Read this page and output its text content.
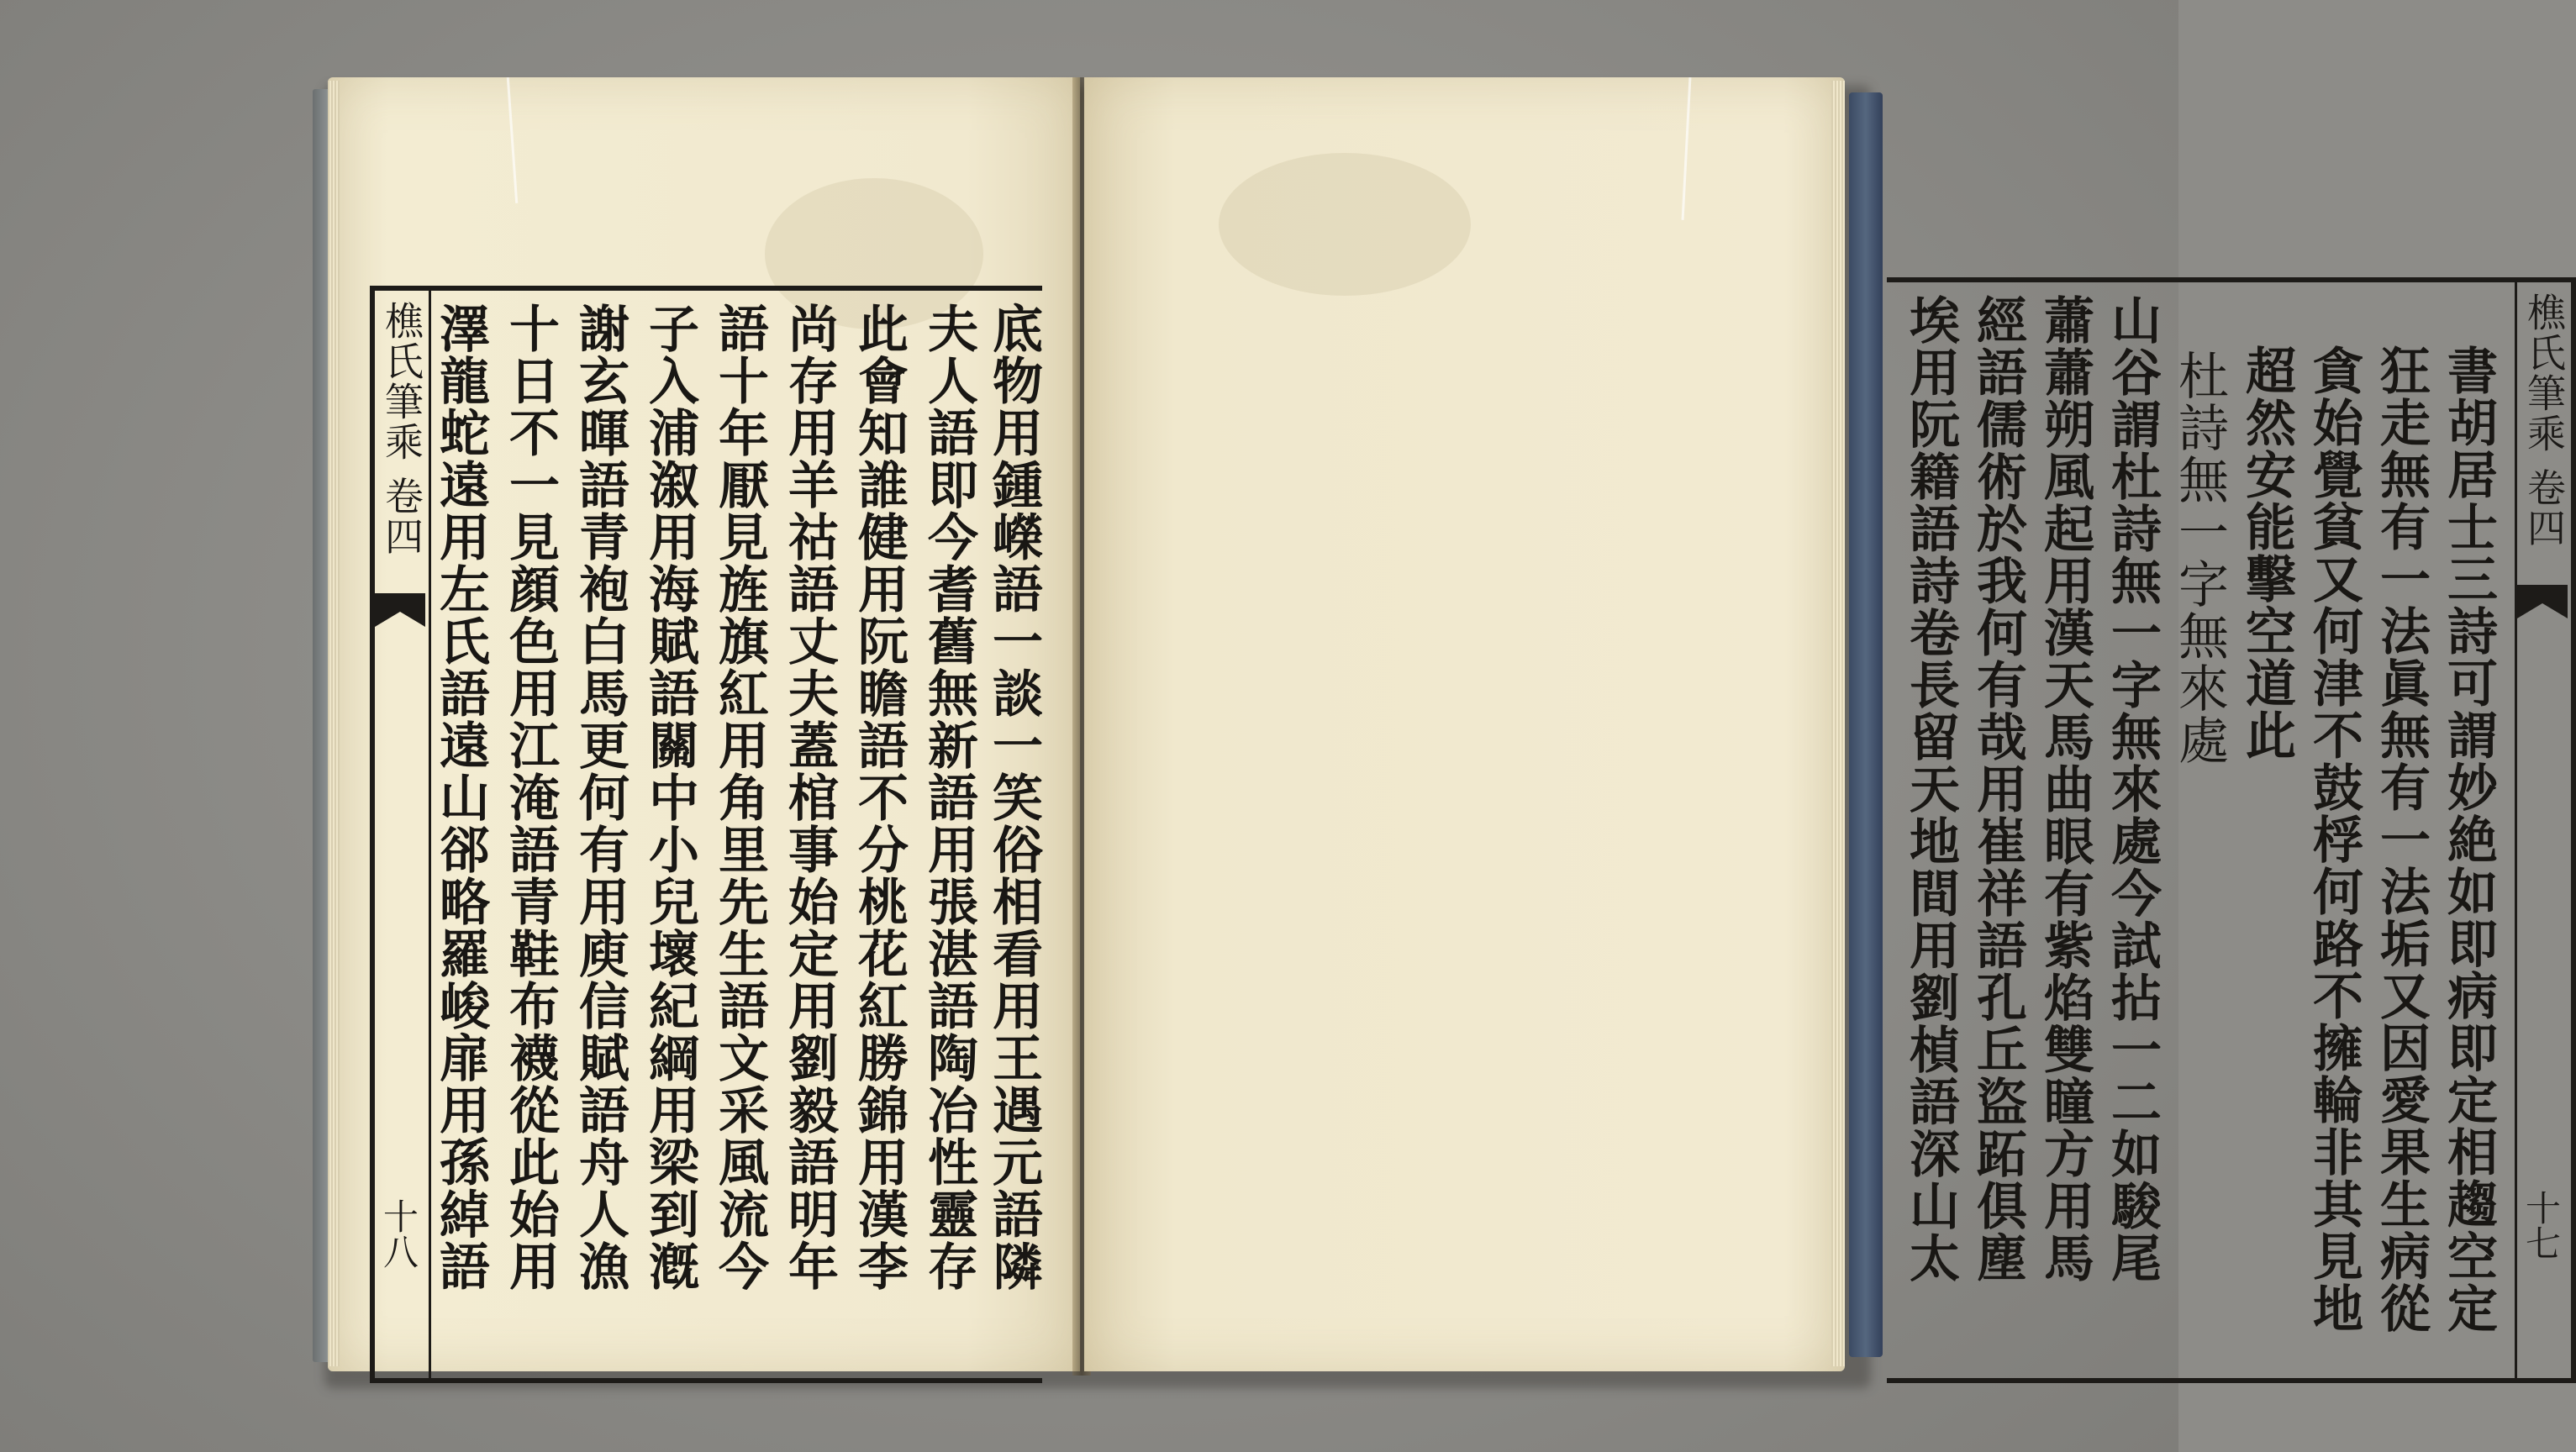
樵氏筆乘 卷四
十八 澤龍蛇遠用左氏語遠山郤略羅峻扉用孫綽語 十日不一見顔色用江淹語青鞋布襪從此始用 謝玄暉語青袍白馬更何有用庾信賦語舟人漁 子入浦溆用海賦語關中小兒壞紀綱用梁到漑 語十年厭見旌旗紅用角里先生語文采風流今 尚存用羊祜語丈夫蓋棺事始定用劉毅語明年 此會知誰健用阮瞻語不分桃花紅勝錦用漢李 夫人語即今耆舊無新語用張湛語陶冶性靈存 底物用鍾嶸語一談一笑俗相看用王遇元語隣	埃用阮籍語詩卷長留天地間用劉楨語深山太 經語儒術於我何有哉用崔祥語孔丘盜跖俱塵 蕭蕭朔風起用漢天馬曲眼有紫焰雙瞳方用馬 山谷謂杜詩無一字無來處今試拈一二如駿尾 杜詩無一字無來處 超然安能擊空道此 貪始覺貧又何津不鼓桴何路不擁輪非其見地 狂走無有一法眞無有一法垢又因愛果生病從 書胡居士三詩可謂妙絶如即病即定相趨空定 樵氏筆乘 卷四
十七
